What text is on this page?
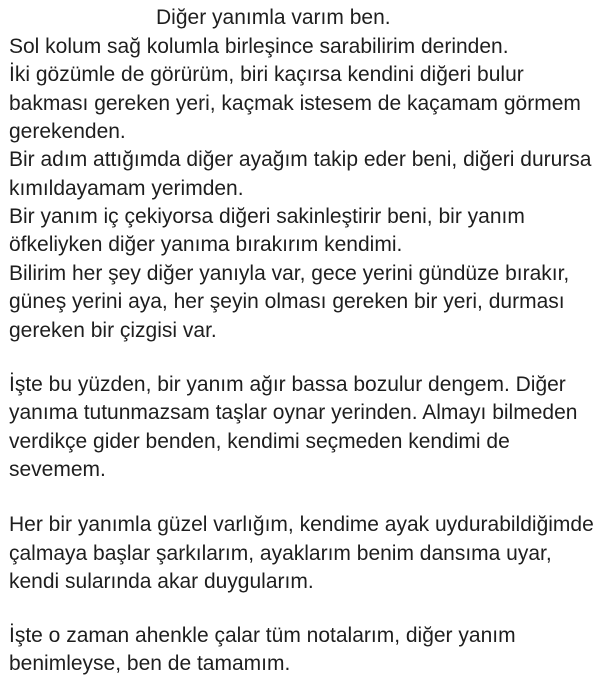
Diğer yanımla varım ben.
Sol kolum sağ kolumla birleşince sarabilirim derinden.
İki gözümle de görürüm, biri kaçırsa kendini diğeri bulur
bakması gereken yeri, kaçmak istesem de kaçamam görmem
gerekenden.
Bir adım attığımda diğer ayağım takip eder beni, diğeri durursa
kımıldayamam yerimden.
Bir yanım iç çekiyorsa diğeri sakinleştirir beni, bir yanım
öfkeliyken diğer yanıma bırakırım kendimi.
Bilirim her şey diğer yanıyla var, gece yerini gündüze bırakır,
güneş yerini aya, her şeyin olması gereken bir yeri, durması
gereken bir çizgisi var.
İşte bu yüzden, bir yanım ağır bassa bozulur dengem. Diğer
yanıma tutunmazsam taşlar oynar yerinden. Almayı bilmeden
verdikçe gider benden, kendimi seçmeden kendimi de
sevemem.
Her bir yanımla güzel varlığım, kendime ayak uydurabildiğimde
çalmaya başlar şarkılarım, ayaklarım benim dansıma uyar,
kendi sularında akar duygularım.
İşte o zaman ahenkle çalar tüm notalarım, diğer yanım
benimleyse, ben de tamamım.
